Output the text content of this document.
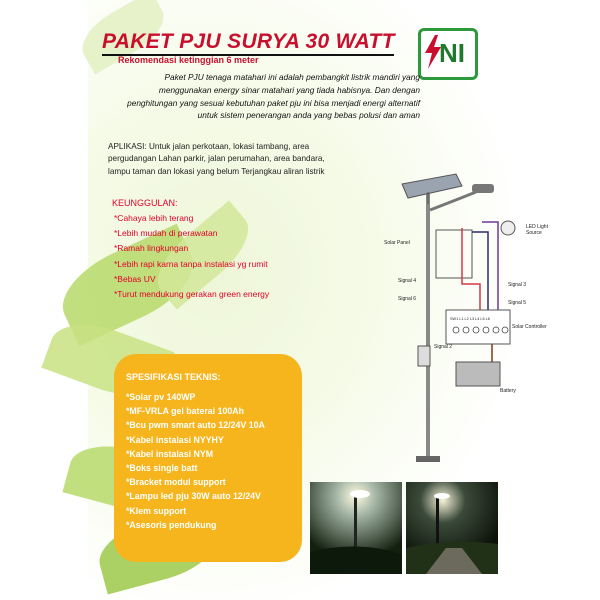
PAKET PJU SURYA 30 WATT
Rekomendasi ketinggian 6 meter	NI
Paket PJU tenaga matahari ini adalah pembangkit listrik mandiri yang menggunakan energy sinar matahari yang tiada habisnya. Dan dengan penghitungan yang sesuai kebutuhan paket pju ini bisa menjadi energi alternatif untuk sistem penerangan anda yang bebas polusi dan aman
APLIKASI: Untuk jalan perkotaan, lokasi tambang, area pergudangan Lahan parkir, jalan perumahan, area bandara, lampu taman dan lokasi yang belum Terjangkau aliran listrik
KEUNGGULAN:
*Cahaya lebih terang
*Lebih mudah di perawatan
*Ramah lingkungan
*Lebih rapi karna tanpa instalasi yg rumit
*Bebas UV
*Turut mendukung gerakan green energy
SPESIFIKASI TEKNIS:
*Solar pv 140WP
*MF-VRLA gel baterai 100Ah
*Bcu pwm smart auto 12/24V 10A
*Kabel instalasi NYYHY
*Kabel instalasi NYM
*Boks single batt
*Bracket modul support
*Lampu led pju 30W auto 12/24V
*Klem support
*Asesoris pendukung
Solar Panel
LED Light
Source
SW1 L1 L2 L3 L4 L5 L6
Solar Controller
Battery
Signal 3
Signal 4
Signal 5
Signal 6
Signal 2
